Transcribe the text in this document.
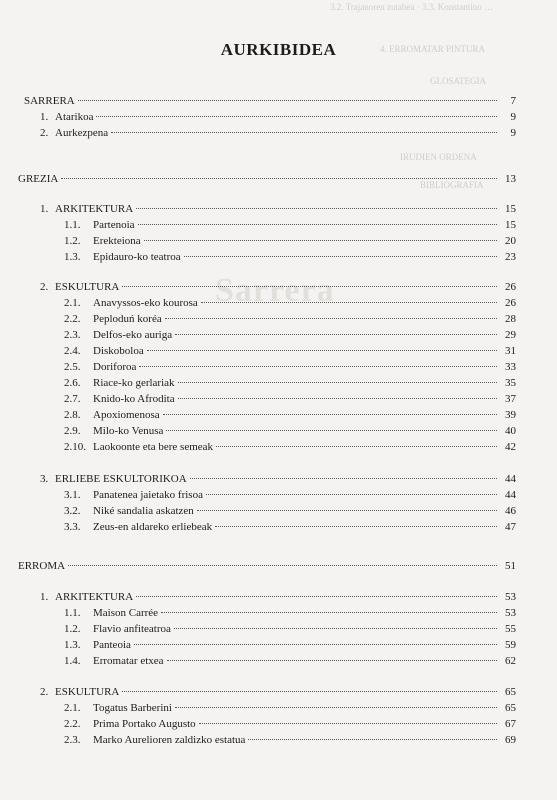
3.2. Trajanoren zutabea · 3.3. Konstantino …
4. ERROMATAR PINTURA
GLOSATEGIA
IRUDIEN ORDENA
BIBLIOGRAFIA
Sarrera
AURKIBIDEA
SARRERA	7
1. Atarikoa	9
2. Aurkezpena	9
GREZIA	13
1. ARKITEKTURA	15
1.1.	Partenoia	15
1.2.	Erekteiona	20
1.3.	Epidauro-ko teatroa	23
2. ESKULTURA	26
2.1.	Anavyssos-eko kourosa	26
2.2.	Peploduń koréa	28
2.3.	Delfos-eko auriga	29
2.4.	Diskoboloa	31
2.5.	Doriforoa	33
2.6.	Riace-ko gerlariak	35
2.7.	Knido-ko Afrodita	37
2.8.	Apoxiomenosa	39
2.9.	Milo-ko Venusa	40
2.10. Laokoonte eta bere semeak	42
3. ERLIEBE ESKULTORIKOA	44
3.1.	Panatenea jaietako frisoa	44
3.2.	Niké sandalia askatzen	46
3.3.	Zeus-en aldareko erliebeak	47
ERROMA	51
1. ARKITEKTURA	53
1.1.	Maison Carrée	53
1.2.	Flavio anfiteatroa	55
1.3.	Panteoia	59
1.4.	Erromatar etxea	62
2. ESKULTURA	65
2.1.	Togatus Barberini	65
2.2.	Prima Portako Augusto	67
2.3.	Marko Aurelioren zaldizko estatua	69
